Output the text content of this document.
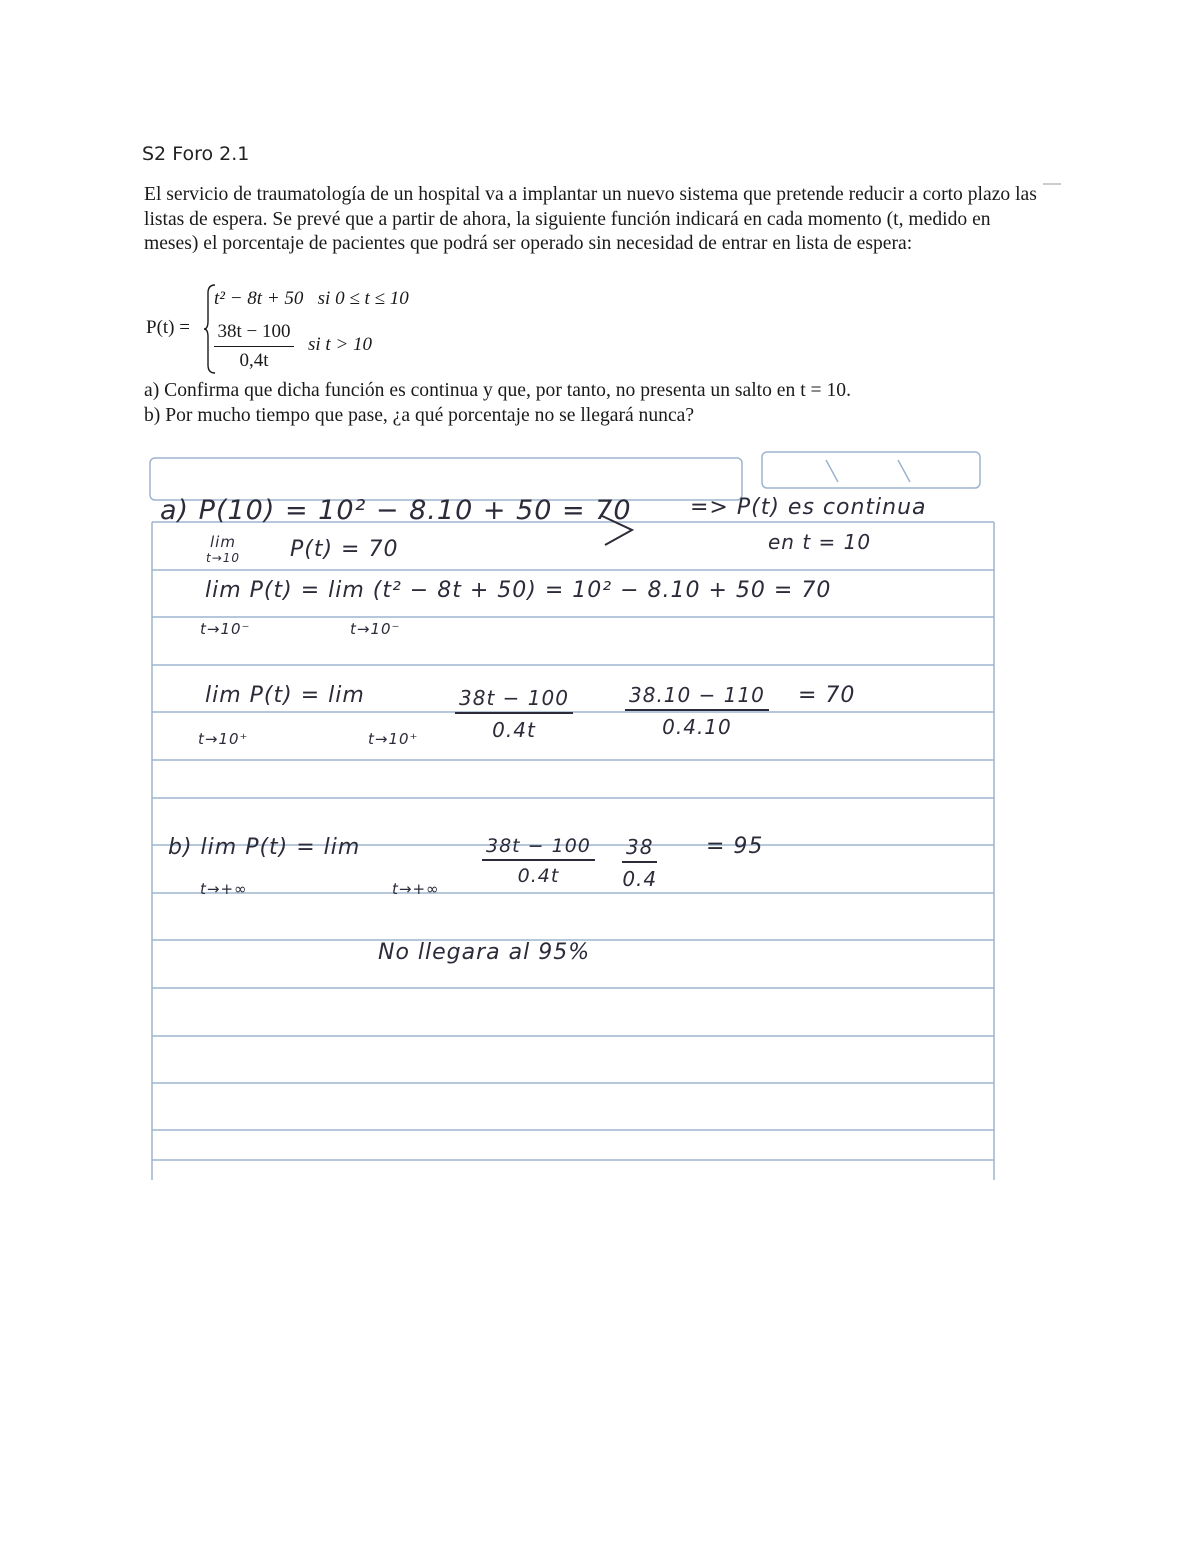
S2 Foro 2.1

El servicio de traumatología de un hospital va a implantar un nuevo sistema que pretende reducir a corto plazo las listas de espera. Se prevé que a partir de ahora, la siguiente función indicará en cada momento (t, medido en meses) el porcentaje de pacientes que podrá ser operado sin necesidad de entrar en lista de espera:

P(t) =
t² − 8t + 50 si 0 ≤ t ≤ 10
$\frac{38t - 100}{0,4t}$ si t > 10

a) Confirma que dicha función es continua y que, por tanto, no presenta un salto en t = 10.

b) Por mucho tiempo que pase, ¿a qué porcentaje no se llegará nunca?

a) P(10) = 10² − 8.10 + 50 = 70	=> P(t) es continua
en t = 10
lim
t→10 P(t) = 70
lim P(t) = lim (t² − 8t + 50) = 10² − 8.10 + 50 = 70
t→10⁻	t→10⁻
lim P(t) = lim	$\frac{38t - 100}{0.4t}$	$\frac{38.10 - 110}{0.4.10} = 70$
t→10⁺	t→10⁺
b) lim P(t) = lim	$\frac{38t - 100}{0.4t} \frac{38}{0.4} = 95$
t→+∞	t→+∞
No llegara al 95%
